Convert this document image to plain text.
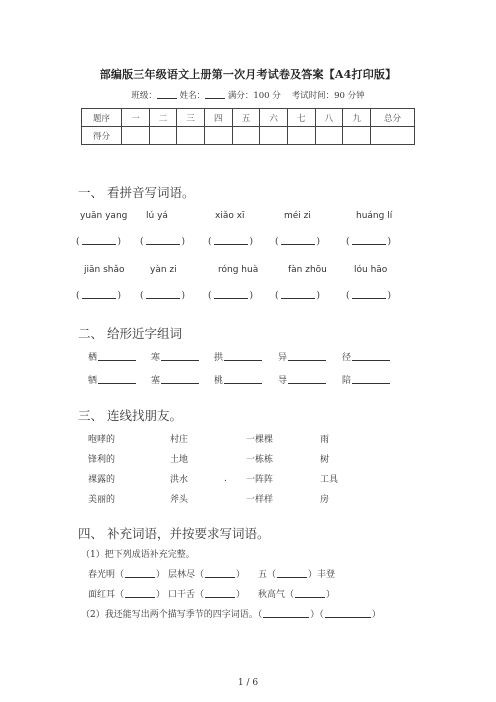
部编版三年级语文上册第一次月考试卷及答案【A4打印版】
班级：	姓名：	满分：100 分 考试时间：90 分钟
题序	一	二	三	四	五	六	七	八	九	总分
得分										
一、 看拼音写词语。
yuān yang lú yá	xiǎo xī	méi zi	huáng lí
(	) (	)	(	) (	)	(	)
jiān shǎo	yàn zi	róng huà	fàn zhōu	lóu hāo
(	) (	)	(	) (	)	(	)
二、 给形近字组词
栖	寒	拱	异	径
牺	塞	桃	导	陪
三、 连线找朋友。
咆哮的	村庄	一棵棵	雨
锋利的	土地	一栋栋	树
裸露的	洪水	. 一阵阵	工具
美丽的	斧头	一样样	房
四、 补充词语，并按要求写词语。
（1）把下列成语补充完整。
春光明（	） 层林尽（	） 五（	）丰登
面红耳（	） 口干舌（	） 秋高气（	）
（2）我还能写出两个描写季节的四字词语。（	）（	）
1 / 6
